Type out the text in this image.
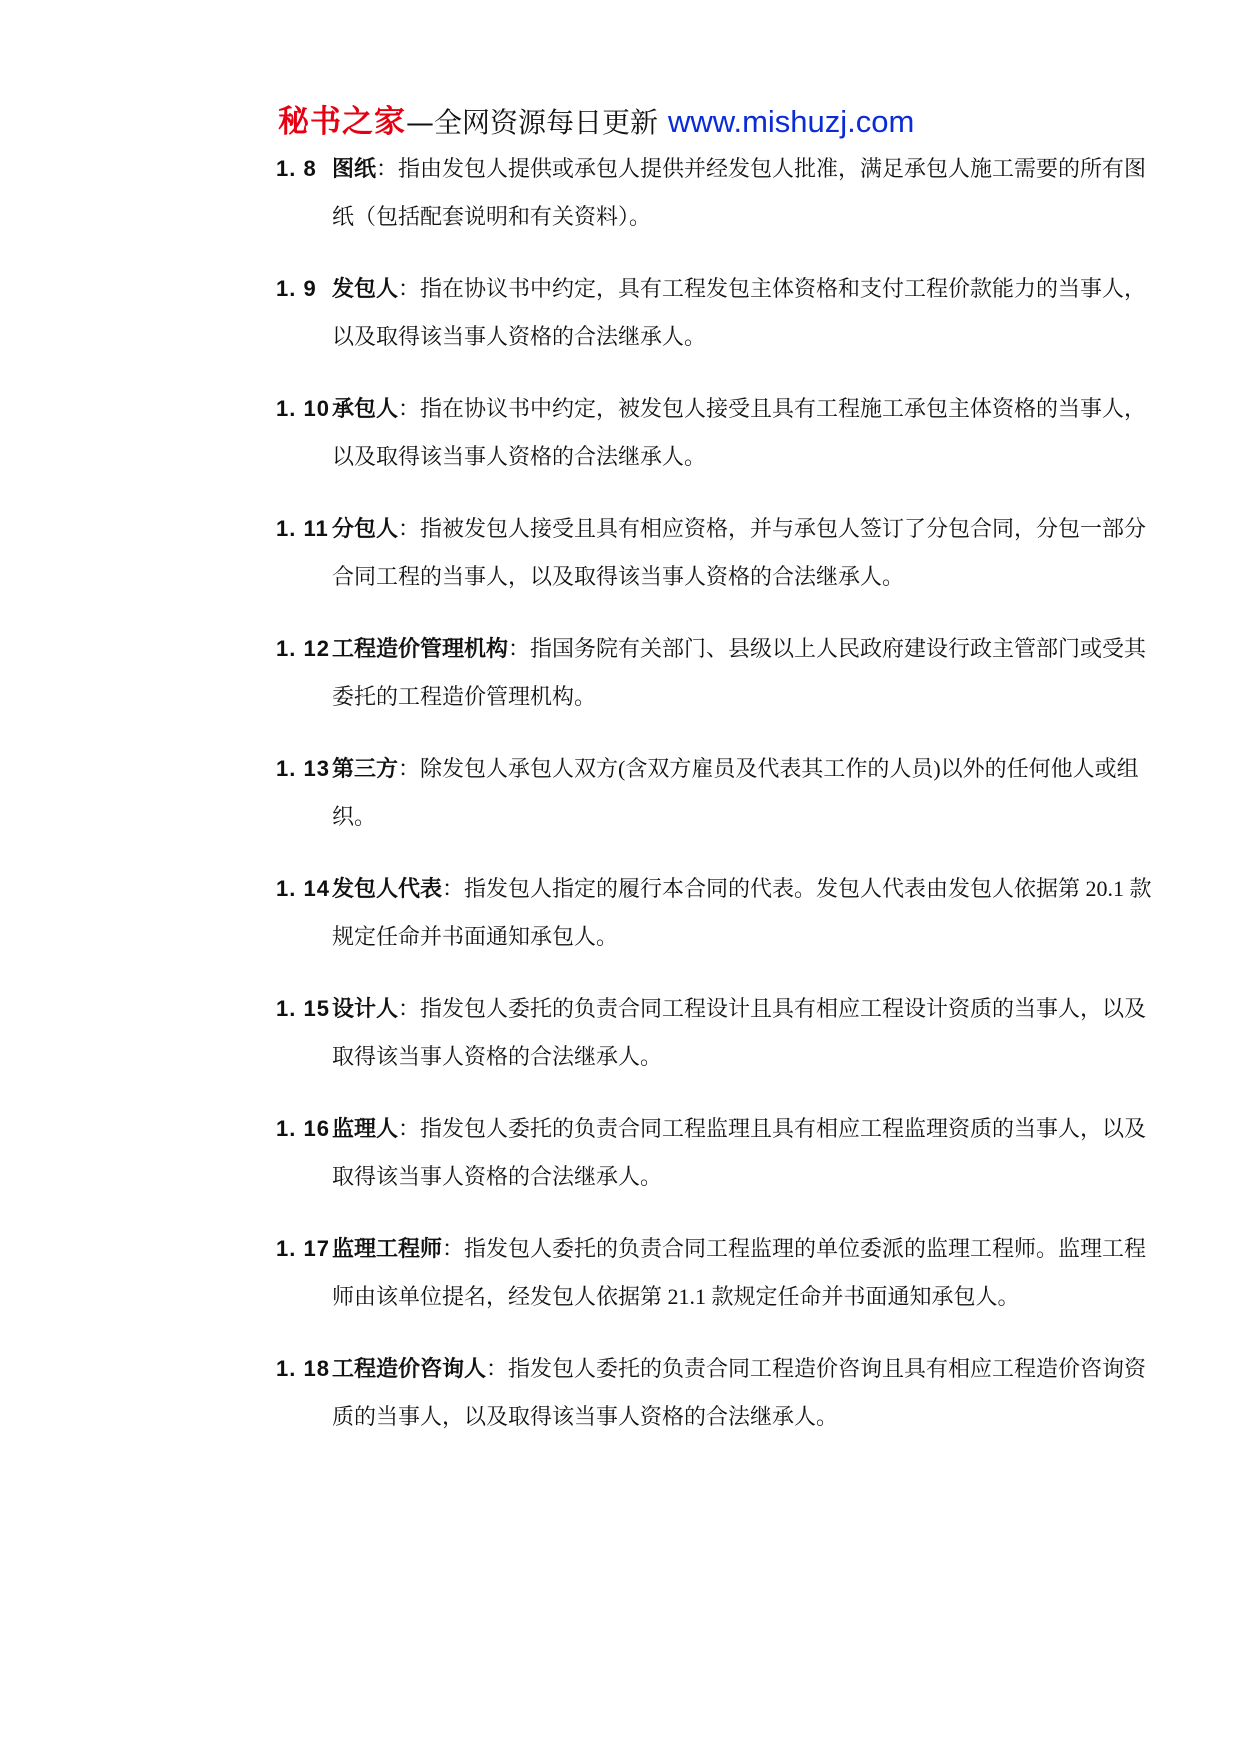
秘书之家—全网资源每日更新 www.mishuzj.com
1. 8 图纸：指由发包人提供或承包人提供并经发包人批准，满足承包人施工需要的所有图纸（包括配套说明和有关资料）。
1. 9 发包人：指在协议书中约定，具有工程发包主体资格和支付工程价款能力的当事人，以及取得该当事人资格的合法继承人。
1. 10 承包人：指在协议书中约定，被发包人接受且具有工程施工承包主体资格的当事人，以及取得该当事人资格的合法继承人。
1. 11 分包人：指被发包人接受且具有相应资格，并与承包人签订了分包合同，分包一部分合同工程的当事人，以及取得该当事人资格的合法继承人。
1. 12 工程造价管理机构：指国务院有关部门、县级以上人民政府建设行政主管部门或受其委托的工程造价管理机构。
1. 13 第三方：除发包人承包人双方(含双方雇员及代表其工作的人员)以外的任何他人或组织。
1. 14 发包人代表：指发包人指定的履行本合同的代表。发包人代表由发包人依据第 20.1 款规定任命并书面通知承包人。
1. 15 设计人：指发包人委托的负责合同工程设计且具有相应工程设计资质的当事人，以及取得该当事人资格的合法继承人。
1. 16 监理人：指发包人委托的负责合同工程监理且具有相应工程监理资质的当事人，以及取得该当事人资格的合法继承人。
1. 17 监理工程师：指发包人委托的负责合同工程监理的单位委派的监理工程师。监理工程师由该单位提名，经发包人依据第 21.1 款规定任命并书面通知承包人。
1. 18 工程造价咨询人：指发包人委托的负责合同工程造价咨询且具有相应工程造价咨询资质的当事人，以及取得该当事人资格的合法继承人。
